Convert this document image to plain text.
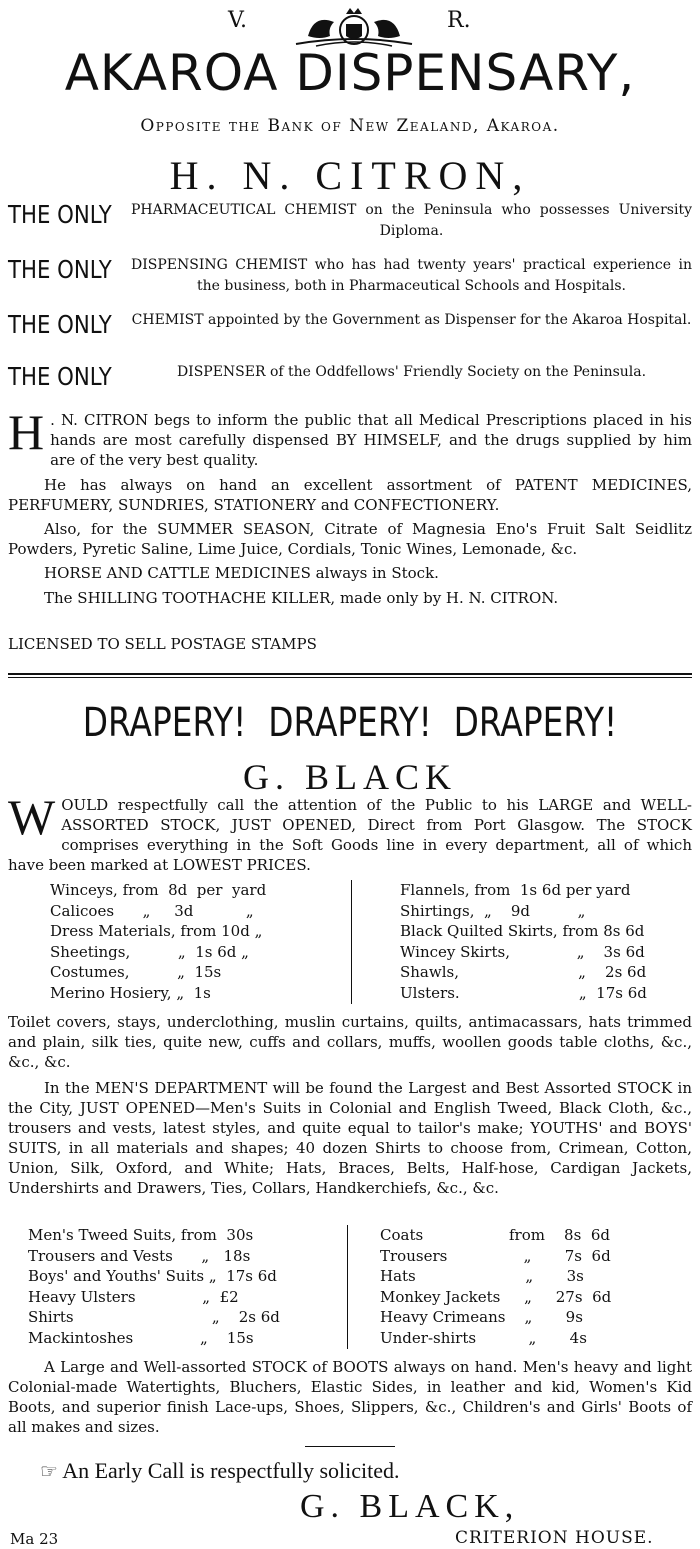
V.	R.
AKAROA DISPENSARY,
Opposite the Bank of New Zealand, Akaroa.
H. N. CITRON,
THE ONLY PHARMACEUTICAL CHEMIST on the Peninsula who possesses University Diploma.
THE ONLY DISPENSING CHEMIST who has had twenty years' practical experience in the business, both in Pharmaceutical Schools and Hospitals.
THE ONLY CHEMIST appointed by the Government as Dispenser for the Akaroa Hospital.
THE ONLY	DISPENSER of the Oddfellows' Friendly Society on the Peninsula.
H . N. CITRON begs to inform the public that all Medical Prescriptions placed in his hands are most carefully dispensed BY HIMSELF, and the drugs supplied by him are of the very best quality.
He has always on hand an excellent assortment of PATENT MEDICINES, PERFUMERY, SUNDRIES, STATIONERY and CONFECTIONERY.
Also, for the SUMMER SEASON, Citrate of Magnesia Eno's Fruit Salt Seidlitz Powders, Pyretic Saline, Lime Juice, Cordials, Tonic Wines, Lemonade, &c.
HORSE AND CATTLE MEDICINES always in Stock.
The SHILLING TOOTHACHE KILLER, made only by H. N. CITRON.
LICENSED TO SELL POSTAGE STAMPS
DRAPERY! DRAPERY! DRAPERY!
G. BLACK
W OULD respectfully call the attention of the Public to his LARGE and WELL-ASSORTED STOCK, JUST OPENED, Direct from Port Glasgow. The STOCK comprises everything in the Soft Goods line in every department, all of which have been marked at LOWEST PRICES.
Winceys, from  8d  per  yard
Calicoes      „     3d           „
Dress Materials, from 10d „
Sheetings,          „  1s 6d „
Costumes,          „  15s
Merino Hosiery, „  1s
Flannels, from  1s 6d per yard
Shirtings,  „    9d          „
Black Quilted Skirts, from 8s 6d
Wincey Skirts,              „    3s 6d
Shawls,                         „    2s 6d
Ulsters.                         „  17s 6d
Toilet covers, stays, underclothing, muslin curtains, quilts, antimacassars, hats trimmed and plain, silk ties, quite new, cuffs and collars, muffs, woollen goods table cloths, &c., &c., &c.
In the MEN'S DEPARTMENT will be found the Largest and Best Assorted STOCK in the City, JUST OPENED—Men's Suits in Colonial and English Tweed, Black Cloth, &c., trousers and vests, latest styles, and quite equal to tailor's make; YOUTHS' and BOYS' SUITS, in all materials and shapes; 40 dozen Shirts to choose from, Crimean, Cotton, Union, Silk, Oxford, and White; Hats, Braces, Belts, Half-hose, Cardigan Jackets, Undershirts and Drawers, Ties, Collars, Handkerchiefs, &c., &c.
Men's Tweed Suits, from  30s
Trousers and Vests      „   18s
Boys' and Youths' Suits „  17s 6d
Heavy Ulsters              „  £2
Shirts                             „    2s 6d
Mackintoshes              „    15s
Coats                  from    8s  6d
Trousers                „       7s  6d
Hats                       „       3s
Monkey Jackets     „     27s  6d
Heavy Crimeans    „       9s
Under-shirts           „       4s
A Large and Well-assorted STOCK of BOOTS always on hand. Men's heavy and light Colonial-made Watertights, Bluchers, Elastic Sides, in leather and kid, Women's Kid Boots, and superior finish Lace-ups, Shoes, Slippers, &c., Children's and Girls' Boots of all makes and sizes.
☞ An Early Call is respectfully solicited.
G. BLACK,
Ma 23	CRITERION HOUSE.
